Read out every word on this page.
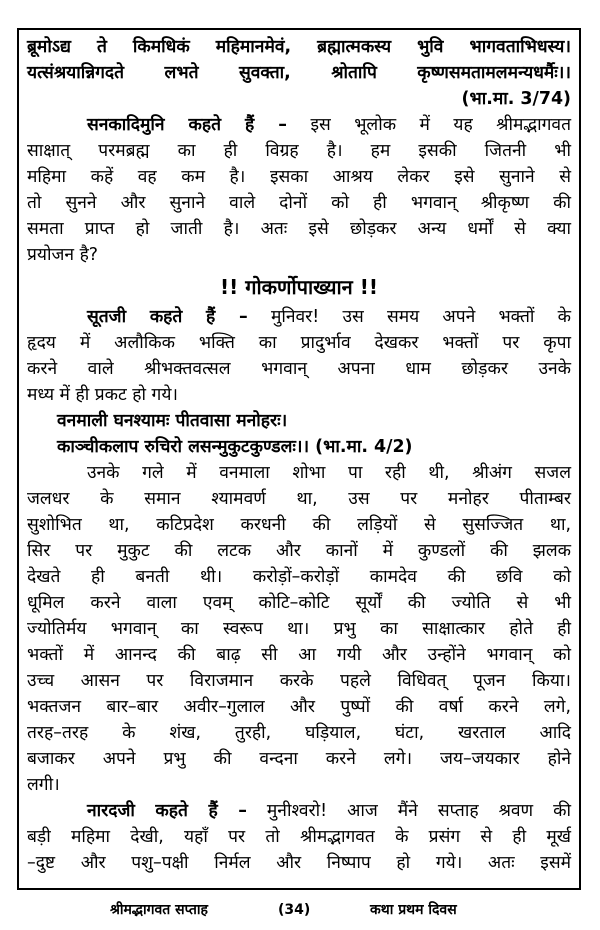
ब्रूमोऽद्य ते किमधिकं महिमानमेवं, ब्रह्मात्मकस्य भुवि भागवताभिधस्य।
यत्संश्रयान्निगदते लभते सुवक्ता, श्रोतापि कृष्णसमतामलमन्यधर्मैः।।
(भा.मा. 3/74)
सनकादिमुनि कहते हैं – इस भूलोक में यह श्रीमद्भागवत
साक्षात् परमब्रह्म का ही विग्रह है। हम इसकी जितनी भी
महिमा कहें वह कम है। इसका आश्रय लेकर इसे सुनाने से
तो सुनने और सुनाने वाले दोनों को ही भगवान् श्रीकृष्ण की
समता प्राप्त हो जाती है। अतः इसे छोड़कर अन्य धर्मों से क्या
प्रयोजन है?
!! गोकर्णोपाख्यान !!
सूतजी कहते हैं – मुनिवर! उस समय अपने भक्तों के
हृदय में अलौकिक भक्ति का प्रादुर्भाव देखकर भक्तों पर कृपा
करने वाले श्रीभक्तवत्सल भगवान् अपना धाम छोड़कर उनके
मध्य में ही प्रकट हो गये।
वनमाली घनश्यामः पीतवासा मनोहरः।
काञ्चीकलाप रुचिरो लसन्मुकुटकुण्डलः।। (भा.मा. 4/2)
उनके गले में वनमाला शोभा पा रही थी, श्रीअंग सजल
जलधर के समान श्यामवर्ण था, उस पर मनोहर पीताम्बर
सुशोभित था, कटिप्रदेश करधनी की लड़ियों से सुसज्जित था,
सिर पर मुकुट की लटक और कानों में कुण्डलों की झलक
देखते ही बनती थी। करोड़ों–करोड़ों कामदेव की छवि को
धूमिल करने वाला एवम् कोटि–कोटि सूर्यों की ज्योति से भी
ज्योतिर्मय भगवान् का स्वरूप था। प्रभु का साक्षात्कार होते ही
भक्तों में आनन्द की बाढ़ सी आ गयी और उन्होंने भगवान् को
उच्च आसन पर विराजमान करके पहले विधिवत् पूजन किया।
भक्तजन बार–बार अवीर–गुलाल और पुष्पों की वर्षा करने लगे,
तरह–तरह के शंख, तुरही, घड़ियाल, घंटा, खरताल आदि
बजाकर अपने प्रभु की वन्दना करने लगे। जय–जयकार होने
लगी।
नारदजी कहते हैं – मुनीश्वरो! आज मैंने सप्ताह श्रवण की
बड़ी महिमा देखी, यहाँ पर तो श्रीमद्भागवत के प्रसंग से ही मूर्ख
–दुष्ट और पशु–पक्षी निर्मल और निष्पाप हो गये। अतः इसमें
श्रीमद्भागवत सप्ताह	(34)	कथा प्रथम दिवस
